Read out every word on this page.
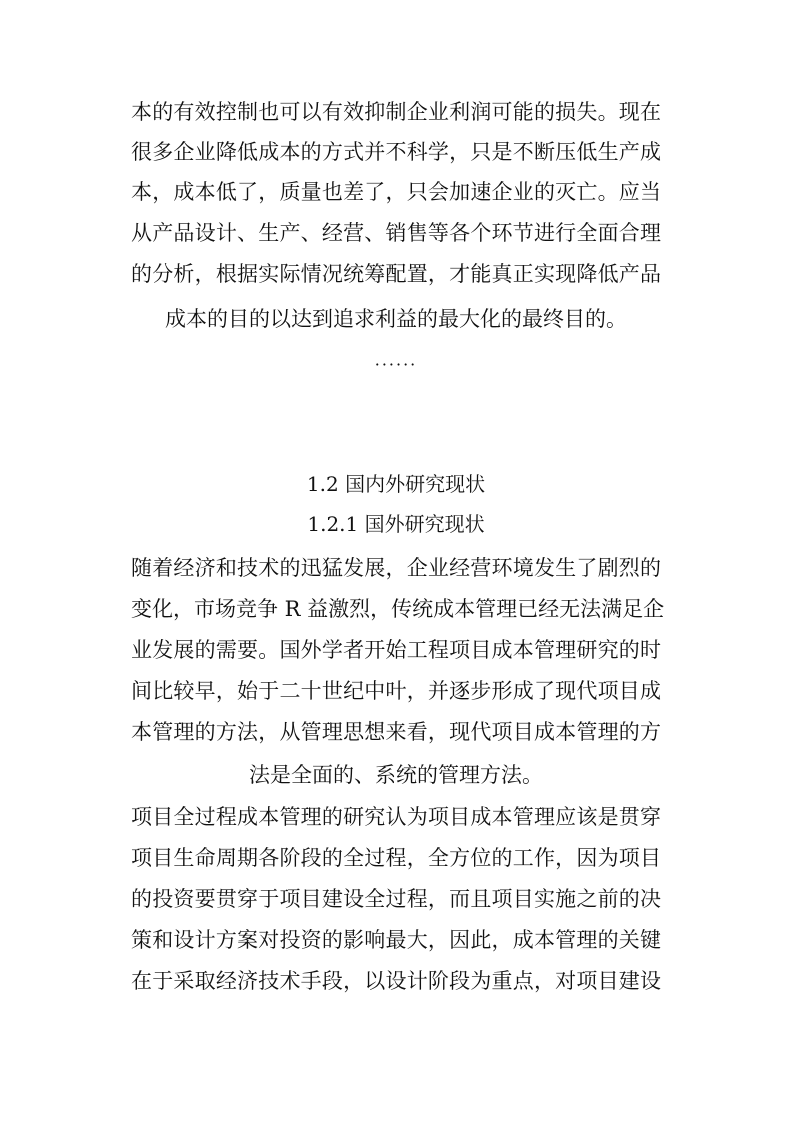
本的有效控制也可以有效抑制企业利润可能的损失。现在
很多企业降低成本的方式并不科学，只是不断压低生产成
本，成本低了，质量也差了，只会加速企业的灭亡。应当
从产品设计、生产、经营、销售等各个环节进行全面合理
的分析，根据实际情况统筹配置，才能真正实现降低产品
成本的目的以达到追求利益的最大化的最终目的。
······
1.2 国内外研究现状
1.2.1 国外研究现状
随着经济和技术的迅猛发展，企业经营环境发生了剧烈的
变化，市场竞争 R 益激烈，传统成本管理已经无法满足企
业发展的需要。国外学者开始工程项目成本管理研究的时
间比较早，始于二十世纪中叶，并逐步形成了现代项目成
本管理的方法，从管理思想来看，现代项目成本管理的方
法是全面的、系统的管理方法。
项目全过程成本管理的研究认为项目成本管理应该是贯穿
项目生命周期各阶段的全过程，全方位的工作，因为项目
的投资要贯穿于项目建设全过程，而且项目实施之前的决
策和设计方案对投资的影响最大，因此，成本管理的关键
在于采取经济技术手段，以设计阶段为重点，对项目建设
